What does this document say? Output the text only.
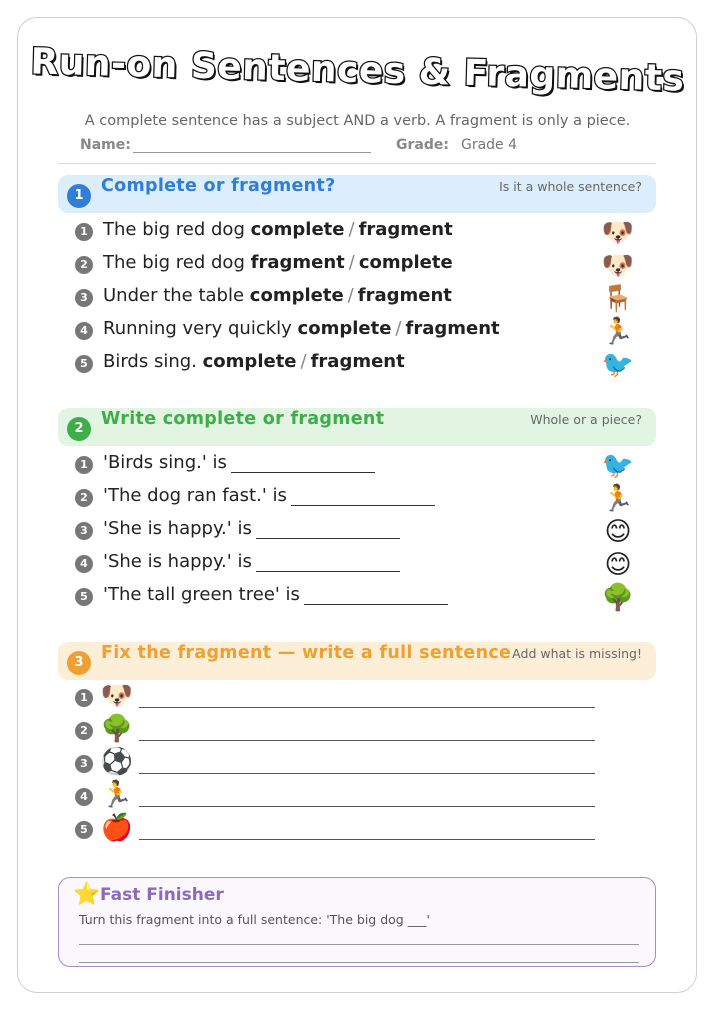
Run-on Sentences & Fragments
A complete sentence has a subject AND a verb. A fragment is only a piece.
Name:	Grade: Grade 4
1 Complete or fragment?	Is it a whole sentence?
1 The big red dog complete / fragment	🐶
2 The big red dog fragment / complete	🐶
3 Under the table complete / fragment	🪑
4 Running very quickly complete / fragment	🏃
5 Birds sing. complete / fragment	🐦
2 Write complete or fragment	Whole or a piece?
1 'Birds sing.' is	🐦
2 'The dog ran fast.' is	🏃
3 'She is happy.' is	😊
4 'She is happy.' is	😊
5 'The tall green tree' is	🌳
3 Fix the fragment — write a full sentence Add what is missing!
1 🐶
2 🌳
3 ⚽
4 🏃
5 🍎
⭐ Fast Finisher
Turn this fragment into a full sentence: 'The big dog ___'
